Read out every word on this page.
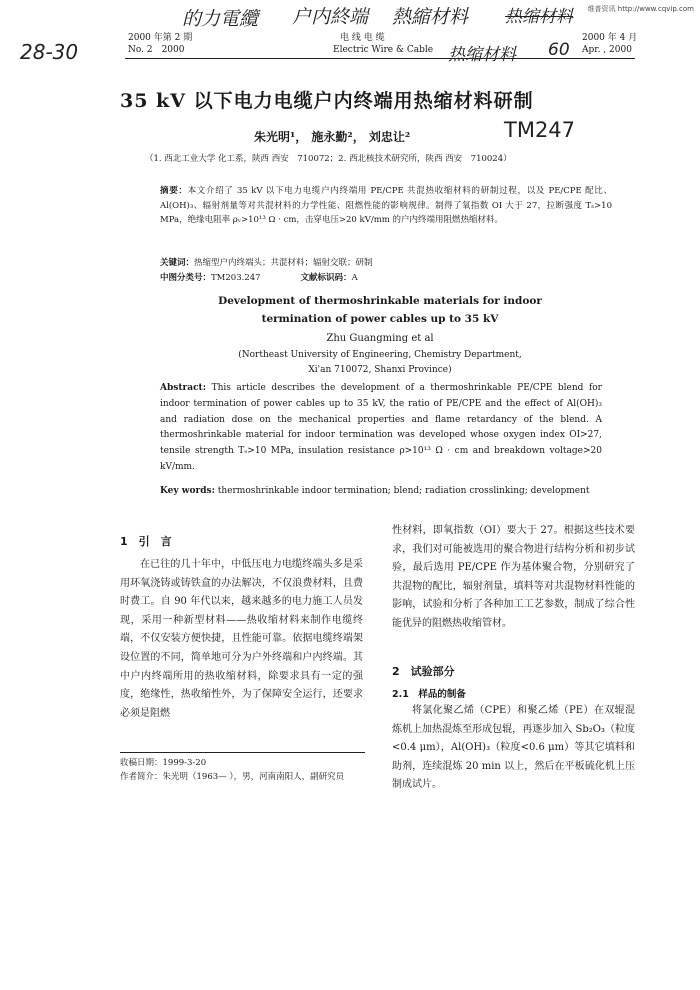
的力電纜 户内終端 熱縮材料 热缩材料 维普资讯 http://www.cqvip.com
28-30	热缩材料 60
2000 年第 2 期
No. 2　2000
电 线 电 缆
Electric Wire & Cable
2000 年 4 月
Apr. , 2000
35 kV 以下电力电缆户内终端用热缩材料研制
朱光明¹， 施永勤²， 刘忠让²	TM247
（1. 西北工业大学 化工系，陕西 西安　710072；2. 西北核技术研究所，陕西 西安　710024）
摘要：本文介绍了 35 kV 以下电力电缆户内终端用 PE/CPE 共混热收缩材料的研制过程，以及 PE/CPE 配比、Al(OH)₃、辐射剂量等对共混材料的力学性能、阻燃性能的影响规律。制得了氧指数 OI 大于 27，拉断强度 Tₛ>10 MPa，绝缘电阻率 ρᵥ>10¹³ Ω · cm，击穿电压>20 kV/mm 的户内终端用阻燃热缩材料。
关键词：热缩型户内终端头；共混材料；辐射交联；研制
中图分类号：TM203.247	文献标识码：A
Development of thermoshrinkable materials for indoor
termination of power cables up to 35 kV
Zhu Guangming et al
(Northeast University of Engineering, Chemistry Department,
Xi'an 710072, Shanxi Province)
Abstract: This article describes the development of a thermoshrinkable PE/CPE blend for indoor termination of power cables up to 35 kV, the ratio of PE/CPE and the effect of Al(OH)₃ and radiation dose on the mechanical properties and flame retardancy of the blend. A thermoshrinkable material for indoor termination was developed whose oxygen index OI>27, tensile strength Tₛ>10 MPa, insulation resistance ρ>10¹³ Ω · cm and breakdown voltage>20 kV/mm.
Key words: thermoshrinkable indoor termination; blend; radiation crosslinking; development
1　引　言
在已往的几十年中，中低压电力电缆终端头多是采用环氧浇铸或铸铁盒的办法解决，不仅浪费材料，且费时费工。自 90 年代以来，越来越多的电力施工人员发现，采用一种新型材料——热收缩材料来制作电缆终端，不仅安装方便快捷，且性能可靠。依据电缆终端架设位置的不同，简单地可分为户外终端和户内终端。其中户内终端所用的热收缩材料，除要求具有一定的强度，绝缘性，热收缩性外，为了保障安全运行，还要求必须是阻燃
收稿日期：1999-3-20
作者简介：朱光明（1963— ），男，河南南阳人，副研究员
性材料，即氧指数（OI）要大于 27。根据这些技术要求，我们对可能被选用的聚合物进行结构分析和初步试验，最后选用 PE/CPE 作为基体聚合物，分别研究了共混物的配比，辐射剂量，填料等对共混物材料性能的影响，试验和分析了各种加工工艺参数，制成了综合性能优异的阻燃热收缩管材。
2　试验部分
2.1　样品的制备
将氯化聚乙烯（CPE）和聚乙烯（PE）在双辊混炼机上加热混炼至形成包辊，再逐步加入 Sb₂O₃（粒度<0.4 μm），Al(OH)₃（粒度<0.6 μm）等其它填料和助剂，连续混炼 20 min 以上，然后在平板硫化机上压制成试片。
